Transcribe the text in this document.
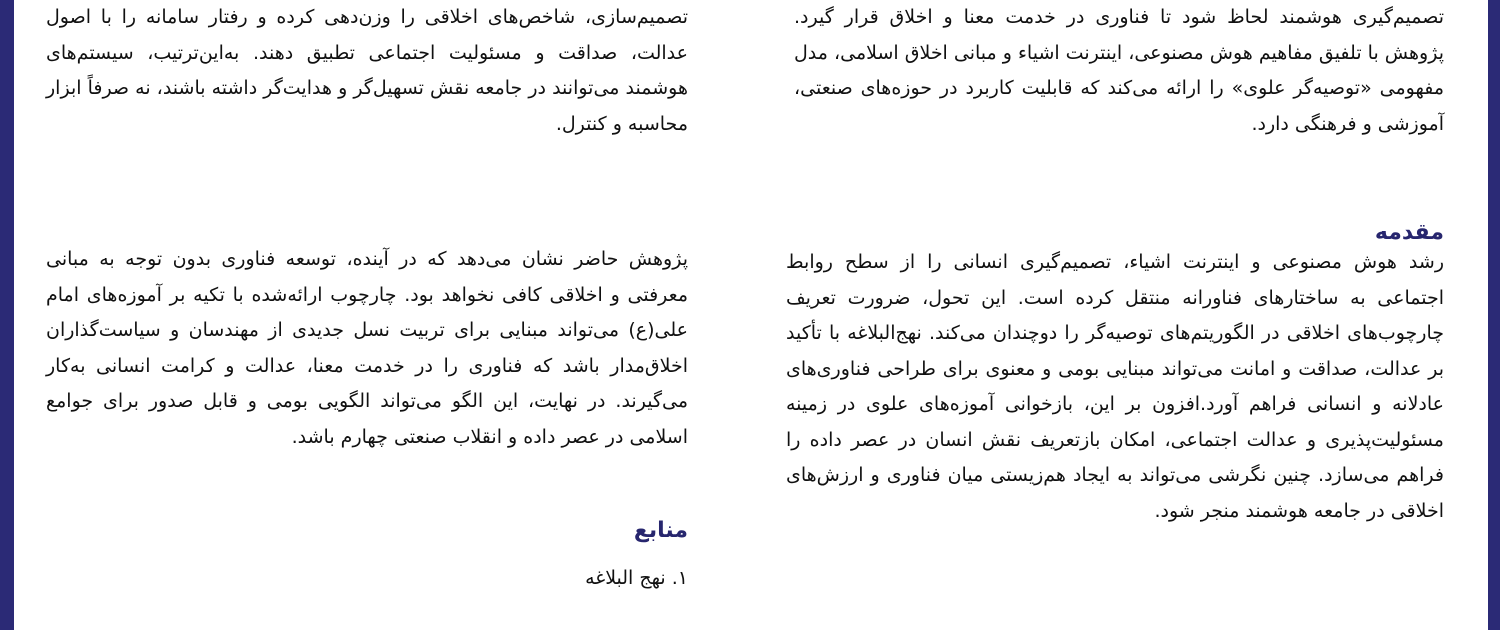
تصمیم‌گیری هوشمند لحاظ شود تا فناوری در خدمت معنا و اخلاق قرار گیرد. پژوهش با تلفیق مفاهیم هوش مصنوعی، اینترنت اشیاء و مبانی اخلاق اسلامی، مدل مفهومی «توصیه‌گر علوی» را ارائه می‌کند که قابلیت کاربرد در حوزه‌های صنعتی، آموزشی و فرهنگی دارد.

مقدمه

رشد هوش مصنوعی و اینترنت اشیاء، تصمیم‌گیری انسانی را از سطح روابط اجتماعی به ساختارهای فناورانه منتقل کرده است. این تحول، ضرورت تعریف چارچوب‌های اخلاقی در الگوریتم‌های توصیه‌گر را دوچندان می‌کند. نهج‌البلاغه با تأکید بر عدالت، صداقت و امانت می‌تواند مبنایی بومی و معنوی برای طراحی فناوری‌های عادلانه و انسانی فراهم آورد.افزون بر این، بازخوانی آموزه‌های علوی در زمینه مسئولیت‌پذیری و عدالت اجتماعی، امکان بازتعریف نقش انسان در عصر داده را فراهم می‌سازد. چنین نگرشی می‌تواند به ایجاد هم‌زیستی میان فناوری و ارزش‌های اخلاقی در جامعه هوشمند منجر شود.

تصمیم‌سازی، شاخص‌های اخلاقی را وزن‌دهی کرده و رفتار سامانه را با اصول عدالت، صداقت و مسئولیت اجتماعی تطبیق دهند. به‌این‌ترتیب، سیستم‌های هوشمند می‌توانند در جامعه نقش تسهیل‌گر و هدایت‌گر داشته باشند، نه صرفاً ابزار محاسبه و کنترل.

پژوهش حاضر نشان می‌دهد که در آینده، توسعه فناوری بدون توجه به مبانی معرفتی و اخلاقی کافی نخواهد بود. چارچوب ارائه‌شده با تکیه بر آموزه‌های امام علی(ع) می‌تواند مبنایی برای تربیت نسل جدیدی از مهندسان و سیاست‌گذاران اخلاق‌مدار باشد که فناوری را در خدمت معنا، عدالت و کرامت انسانی به‌کار می‌گیرند. در نهایت، این الگو می‌تواند الگویی بومی و قابل صدور برای جوامع اسلامی در عصر داده و انقلاب صنعتی چهارم باشد.

منابع

۱. نهج البلاغه
